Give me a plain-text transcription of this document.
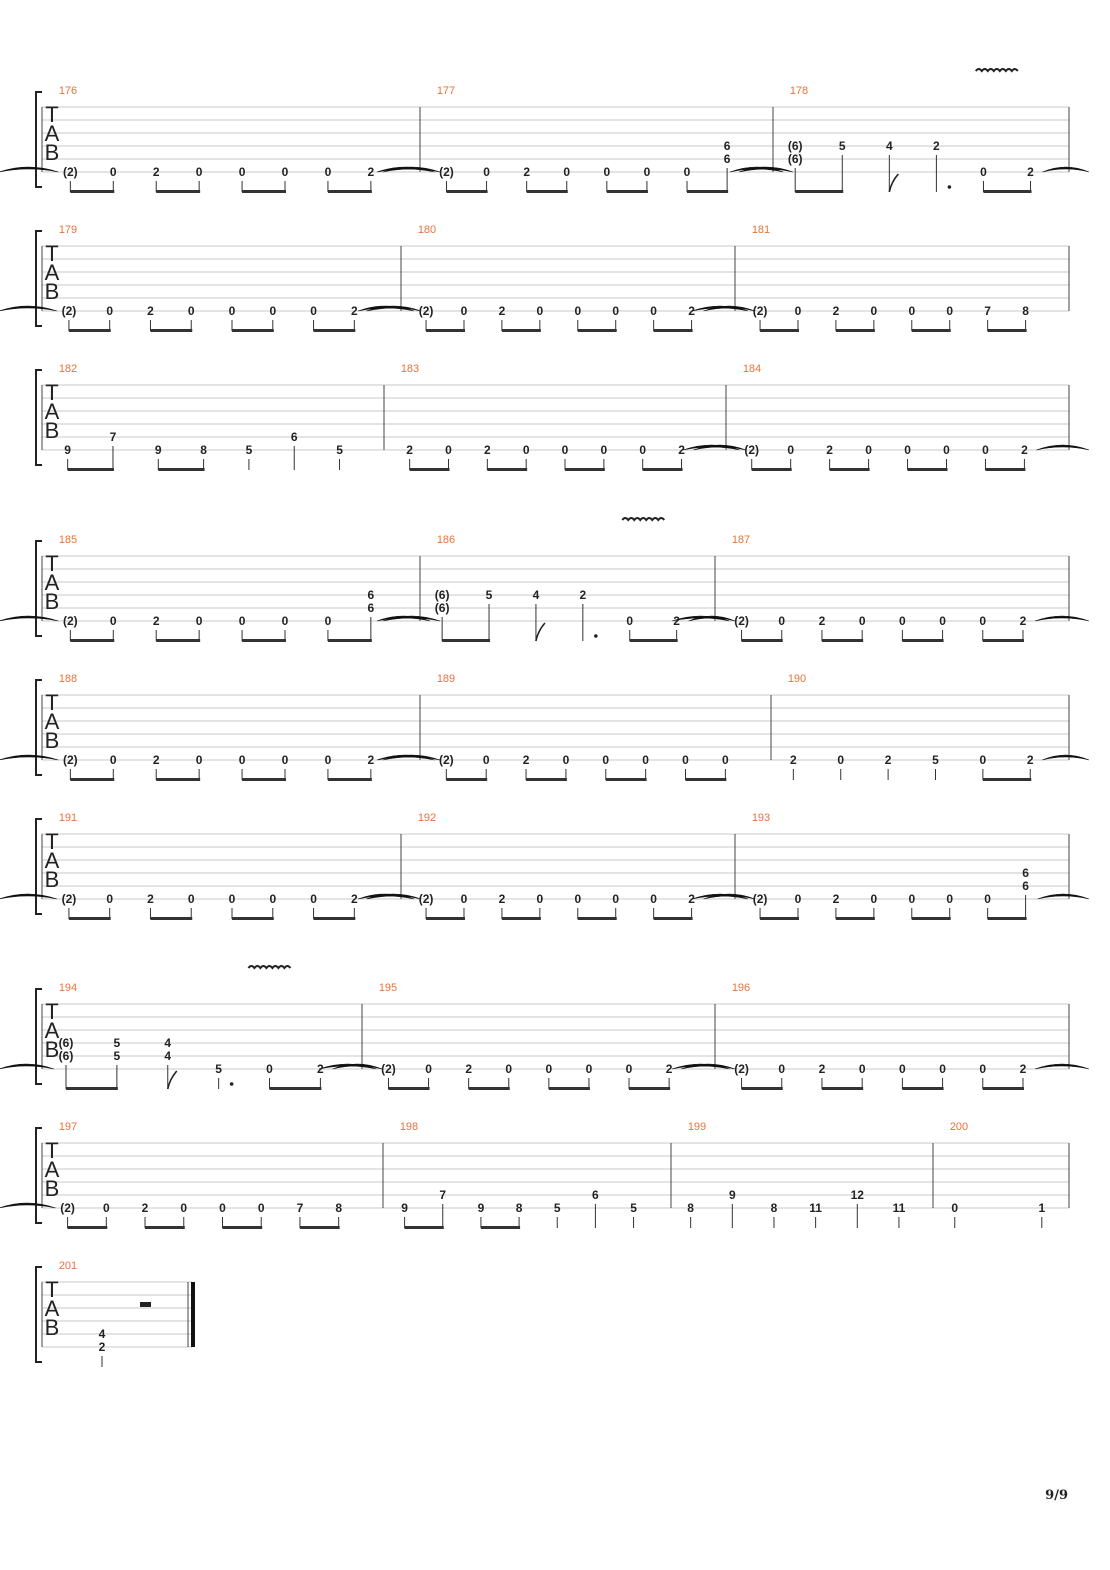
T
A
B
176
(2)	0	2	0	0	0	0	2
177
(2) 0	2	0	0	0	0
6
6
178
(6)
(6)
5	4	2
0	2
T
A
B
179
(2)	0	2	0	0	0	0	2
180
(2) 0	2	0	0	0	0	2
181
(2) 0	2	0	0	0	7	8
T
A
B
182
9
7
9	8	5
6
5
183
2	0	2	0	0	0	0	2
184
(2) 0	2	0	0	0	0	2
T
A
B
185
(2)	0	2	0	0	0	0
6
6
186
(6)
(6)
5	4	2
0	2
187
(2) 0	2	0	0	0	0	2
T
A
B
188
(2)	0	2	0	0	0	0	2
189
(2) 0	2	0	0	0	0	0
190
2	0	2	5	0	2
T
A
B
191
(2)	0	2	0	0	0	0	2
192
(2) 0	2	0	0	0	0	2
193
(2) 0	2	0	0	0	0
6
6
T
A
B
194
(6)
(6)
5
5
4
4
5	0	2
195
(2) 0	2	0	0	0	0	2
196
(2) 0	2	0	0	0	0	2
T
A
B
197
(2) 0	2	0	0	0	7	8
198
9
7
9	8	5
6
5
199
8
9
8	11
12
11
200
0	1
T
A
B
201
4
2
9/9
